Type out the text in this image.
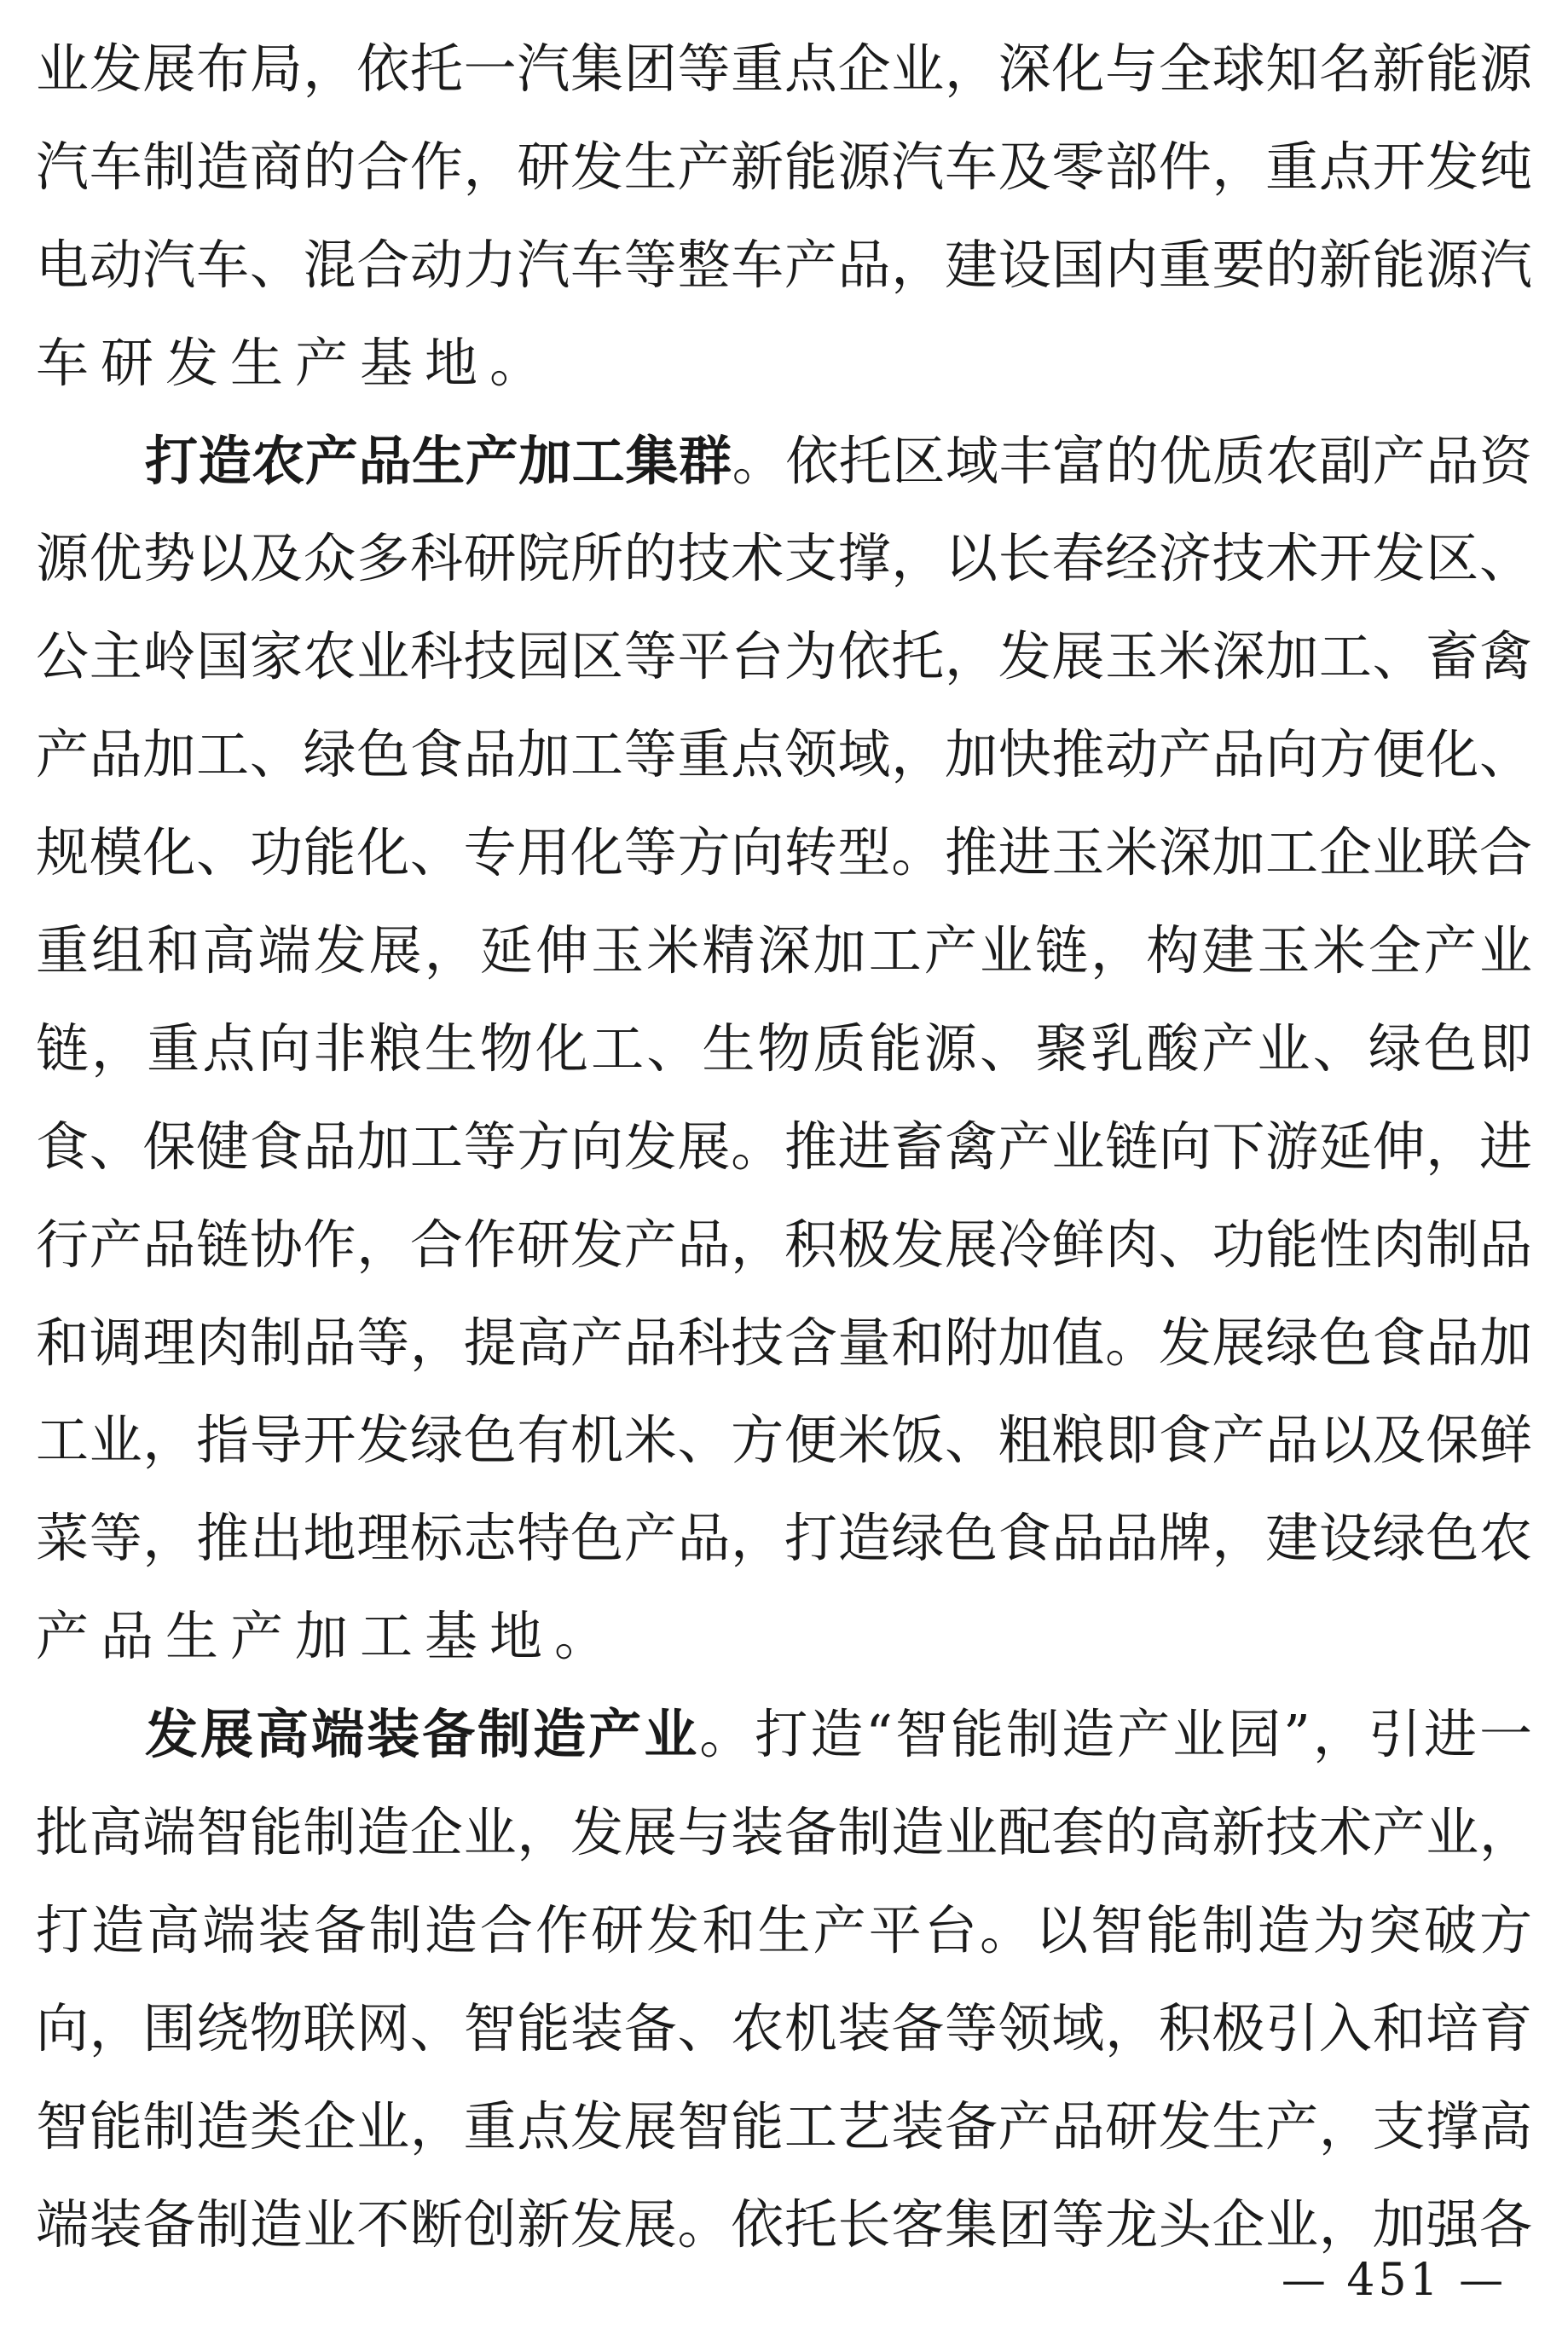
业发展布局，依托一汽集团等重点企业，深化与全球知名新能源
汽车制造商的合作，研发生产新能源汽车及零部件，重点开发纯
电动汽车、混合动力汽车等整车产品，建设国内重要的新能源汽
车研发生产基地。
打造农产品生产加工集群。依托区域丰富的优质农副产品资
源优势以及众多科研院所的技术支撑，以长春经济技术开发区、
公主岭国家农业科技园区等平台为依托，发展玉米深加工、畜禽
产品加工、绿色食品加工等重点领域，加快推动产品向方便化、
规模化、功能化、专用化等方向转型。推进玉米深加工企业联合
重组和高端发展，延伸玉米精深加工产业链，构建玉米全产业
链，重点向非粮生物化工、生物质能源、聚乳酸产业、绿色即
食、保健食品加工等方向发展。推进畜禽产业链向下游延伸，进
行产品链协作，合作研发产品，积极发展冷鲜肉、功能性肉制品
和调理肉制品等，提高产品科技含量和附加值。发展绿色食品加
工业，指导开发绿色有机米、方便米饭、粗粮即食产品以及保鲜
菜等，推出地理标志特色产品，打造绿色食品品牌，建设绿色农
产品生产加工基地。
发展高端装备制造产业。打造“智能制造产业园”，引进一
批高端智能制造企业，发展与装备制造业配套的高新技术产业，
打造高端装备制造合作研发和生产平台。以智能制造为突破方
向，围绕物联网、智能装备、农机装备等领域，积极引入和培育
智能制造类企业，重点发展智能工艺装备产品研发生产，支撑高
端装备制造业不断创新发展。依托长客集团等龙头企业，加强各
— 451 —
